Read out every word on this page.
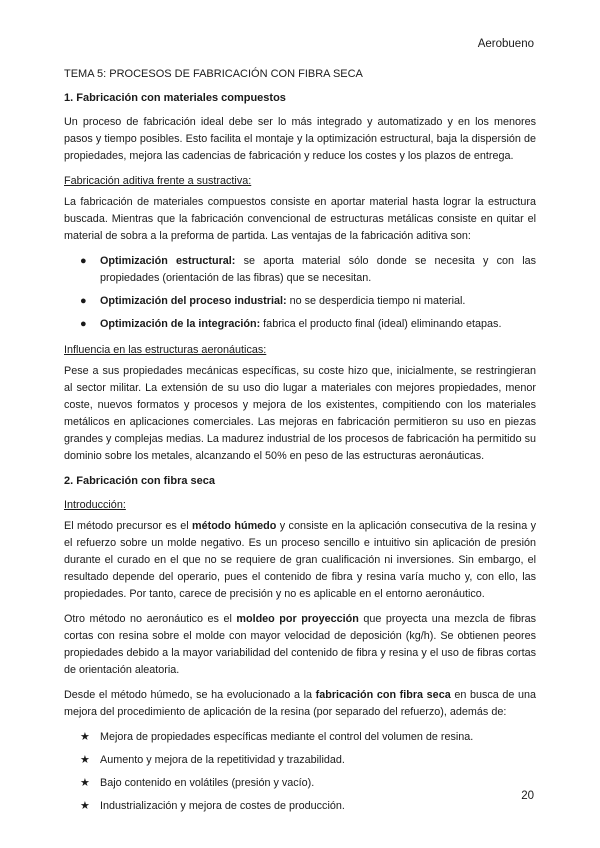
Aerobueno
TEMA 5: PROCESOS DE FABRICACIÓN CON FIBRA SECA
1. Fabricación con materiales compuestos

Un proceso de fabricación ideal debe ser lo más integrado y automatizado y en los menores pasos y tiempo posibles. Esto facilita el montaje y la optimización estructural, baja la dispersión de propiedades, mejora las cadencias de fabricación y reduce los costes y los plazos de entrega.

Fabricación aditiva frente a sustractiva:

La fabricación de materiales compuestos consiste en aportar material hasta lograr la estructura buscada. Mientras que la fabricación convencional de estructuras metálicas consiste en quitar el material de sobra a la preforma de partida. Las ventajas de la fabricación aditiva son:

● Optimización estructural: se aporta material sólo donde se necesita y con las propiedades (orientación de las fibras) que se necesitan.
● Optimización del proceso industrial: no se desperdicia tiempo ni material.
● Optimización de la integración: fabrica el producto final (ideal) eliminando etapas.
Influencia en las estructuras aeronáuticas:

Pese a sus propiedades mecánicas específicas, su coste hizo que, inicialmente, se restringieran al sector militar. La extensión de su uso dio lugar a materiales con mejores propiedades, menor coste, nuevos formatos y procesos y mejora de los existentes, compitiendo con los materiales metálicos en aplicaciones comerciales. Las mejoras en fabricación permitieron su uso en piezas grandes y complejas medias. La madurez industrial de los procesos de fabricación ha permitido su dominio sobre los metales, alcanzando el 50% en peso de las estructuras aeronáuticas.

2. Fabricación con fibra seca
Introducción:

El método precursor es el método húmedo y consiste en la aplicación consecutiva de la resina y el refuerzo sobre un molde negativo. Es un proceso sencillo e intuitivo sin aplicación de presión durante el curado en el que no se requiere de gran cualificación ni inversiones. Sin embargo, el resultado depende del operario, pues el contenido de fibra y resina varía mucho y, con ello, las propiedades. Por tanto, carece de precisión y no es aplicable en el entorno aeronáutico.

Otro método no aeronáutico es el moldeo por proyección que proyecta una mezcla de fibras cortas con resina sobre el molde con mayor velocidad de deposición (kg/h). Se obtienen peores propiedades debido a la mayor variabilidad del contenido de fibra y resina y el uso de fibras cortas de orientación aleatoria.

Desde el método húmedo, se ha evolucionado a la fabricación con fibra seca en busca de una mejora del procedimiento de aplicación de la resina (por separado del refuerzo), además de:

★ Mejora de propiedades específicas mediante el control del volumen de resina.
★ Aumento y mejora de la repetitividad y trazabilidad.
★ Bajo contenido en volátiles (presión y vacío).
★ Industrialización y mejora de costes de producción.
20
